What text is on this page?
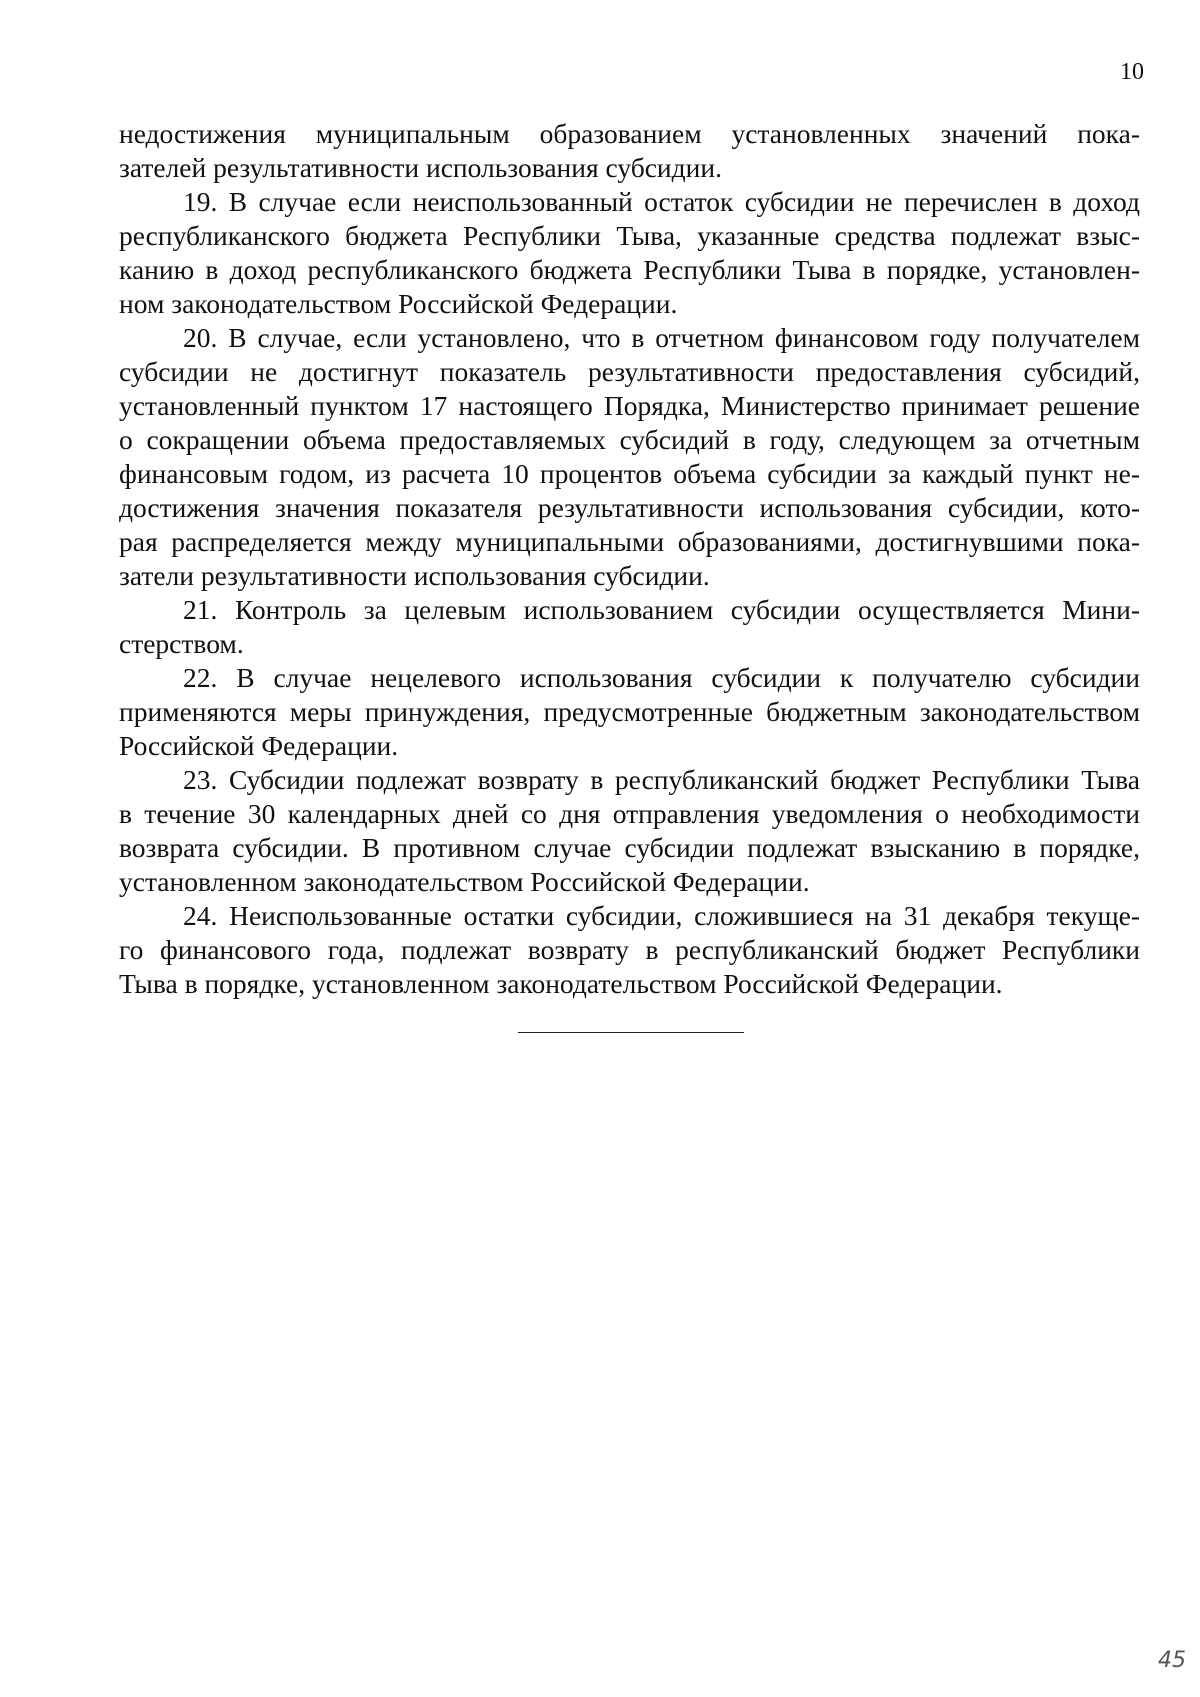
10
недостижения муниципальным образованием установленных значений пока-
зателей результативности использования субсидии.
19. В случае если неиспользованный остаток субсидии не перечислен в доход
республиканского бюджета Республики Тыва, указанные средства подлежат взыс-
канию в доход республиканского бюджета Республики Тыва в порядке, установлен-
ном законодательством Российской Федерации.
20. В случае, если установлено, что в отчетном финансовом году получателем
субсидии не достигнут показатель результативности предоставления субсидий,
установленный пунктом 17 настоящего Порядка, Министерство принимает решение
о сокращении объема предоставляемых субсидий в году, следующем за отчетным
финансовым годом, из расчета 10 процентов объема субсидии за каждый пункт не-
достижения значения показателя результативности использования субсидии, кото-
рая распределяется между муниципальными образованиями, достигнувшими пока-
затели результативности использования субсидии.
21. Контроль за целевым использованием субсидии осуществляется Мини-
стерством.
22. В случае нецелевого использования субсидии к получателю субсидии
применяются меры принуждения, предусмотренные бюджетным законодательством
Российской Федерации.
23. Субсидии подлежат возврату в республиканский бюджет Республики Тыва
в течение 30 календарных дней со дня отправления уведомления о необходимости
возврата субсидии. В противном случае субсидии подлежат взысканию в порядке,
установленном законодательством Российской Федерации.
24. Неиспользованные остатки субсидии, сложившиеся на 31 декабря текуще-
го финансового года, подлежат возврату в республиканский бюджет Республики
Тыва в порядке, установленном законодательством Российской Федерации.
45
